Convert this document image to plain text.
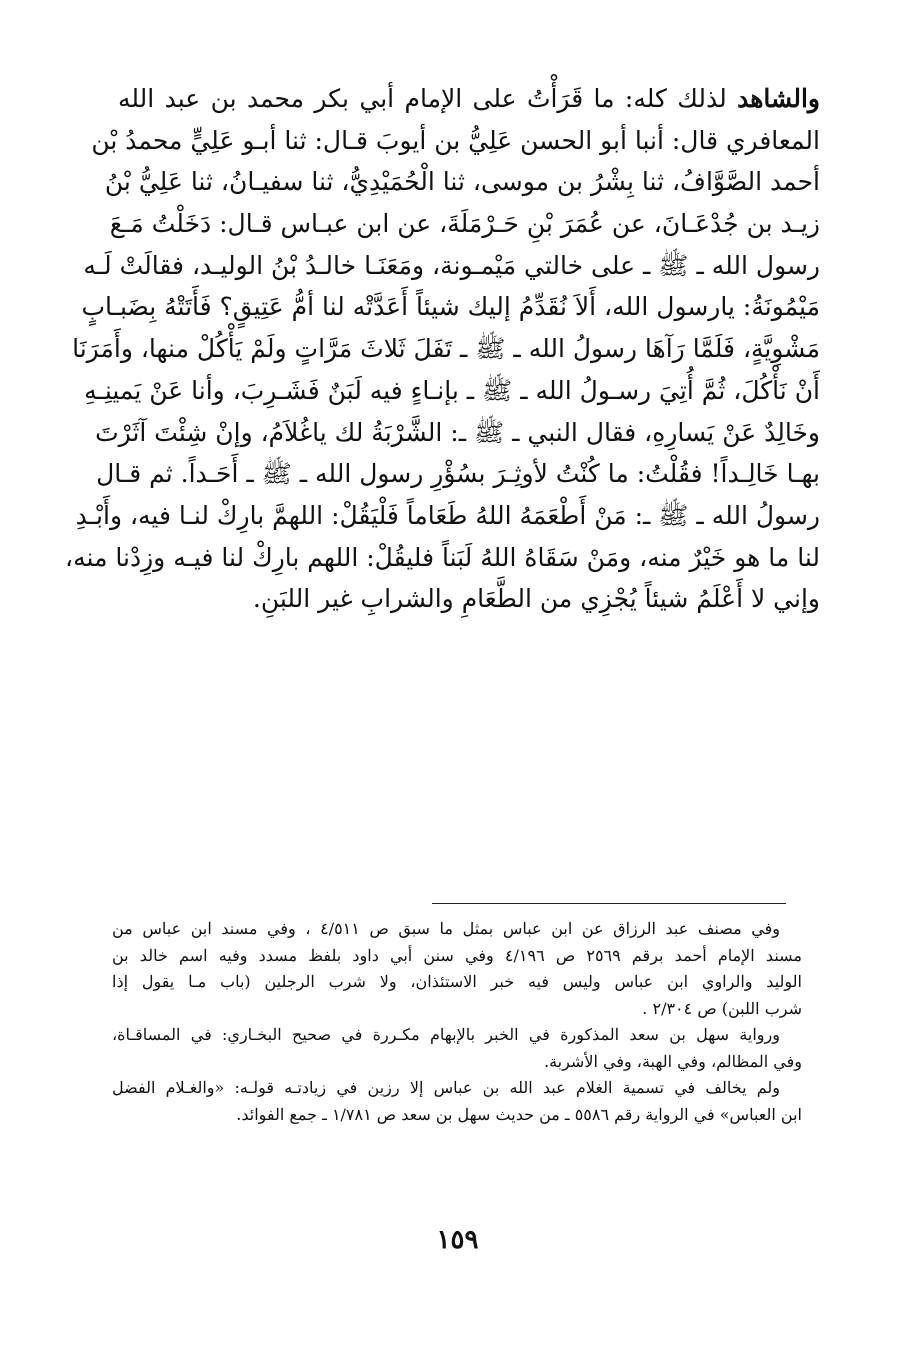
والشاهد لذلك كله: ما قَرَأْتُ على الإمام أبي بكر محمد بن عبد الله
المعافري قال: أنبا أبو الحسن عَلِيُّ بن أيوبَ قـال: ثنا أبـو عَلِيٍّ محمدُ بْن
أحمد الصَّوَّافُ، ثنا بِشْرُ بن موسى، ثنا الْحُمَيْدِيُّ، ثنا سفيـانُ، ثنا عَلِيُّ بْنُ
زيـد بن جُدْعَـانَ، عن عُمَرَ بْنِ حَـرْمَلَةَ، عن ابن عبـاس قـال: دَخَلْتُ مَـعَ
رسول الله ـ ﷺ ـ على خالتي مَيْمـونة، ومَعَنَـا خالـدُ بْنُ الوليـد، فقالَتْ لَـه
مَيْمُونَةُ: يارسول الله، أَلاَ نُقَدِّمُ إليك شيئاً أَعَدَّتْه لنا أمُّ عَتِيقٍ؟ فَأَتَتْهُ بِضَبـابٍ
مَشْوِيَّةٍ، فَلَمَّا رَآهَا رسولُ الله ـ ﷺ ـ تَفَلَ ثَلاثَ مَرَّاتٍ ولَمْ يَأْكُلْ منها، وأَمَرَنَا
أَنْ نَأْكُلَ، ثُمَّ أُتِيَ رسـولُ الله ـ ﷺ ـ بإنـاءٍ فيه لَبَنٌ فَشَـرِبَ، وأنا عَنْ يَمينِـهِ
وخَالِدٌ عَنْ يَسارِهِ، فقال النبي ـ ﷺ ـ: الشَّرْبَةُ لك ياغُلاَمُ، وإنْ شِئْتَ آثَرْتَ
بهـا خَالِـداً! فقُلْتُ: ما كُنْتُ لأوثِـرَ بسُؤْرِ رسول الله ـ ﷺ ـ أَحَـداً. ثم قـال
رسولُ الله ـ ﷺ ـ: مَنْ أَطْعَمَهُ اللهُ طَعَاماً فَلْيَقُلْ: اللهمَّ بارِكْ لنـا فيه، وأَبْـدِ
لنا ما هو خَيْرٌ منه، ومَنْ سَقَاهُ اللهُ لَبَناً فليقُلْ: اللهم بارِكْ لنا فيـه وزِدْنا منه،
وإني لا أَعْلَمُ شيئاً يُجْزِي من الطَّعَامِ والشرابِ غير اللبَنِ.
وفي مصنف عبد الرزاق عن ابن عباس بمثل ما سبق ص ٤/٥١١ ، وفي مسند ابن عباس من
مسند الإمام أحمد برقم ٢٥٦٩ ص ٤/١٩٦ وفي سنن أبي داود بلفظ مسدد وفيه اسم خالد بن
الوليد والراوي ابن عباس وليس فيه خبر الاستئذان، ولا شرب الرجلين (باب مـا يقول إذا
شرب اللبن) ص ٢/٣٠٤ .
ورواية سهل بن سعد المذكورة في الخبر بالإبهام مكـررة في صحيح البخـاري: في المساقـاة،
وفي المظالم، وفي الهبة، وفي الأشربة.
ولم يخالف في تسمية الغلام عبد الله بن عباس إلا رزين في زيادتـه قولـه: «والغـلام الفضل
ابن العباس» في الرواية رقم ٥٥٨٦ ـ من حديث سهل بن سعد ص ١/٧٨١ ـ جمع الفوائد.
١٥٩
